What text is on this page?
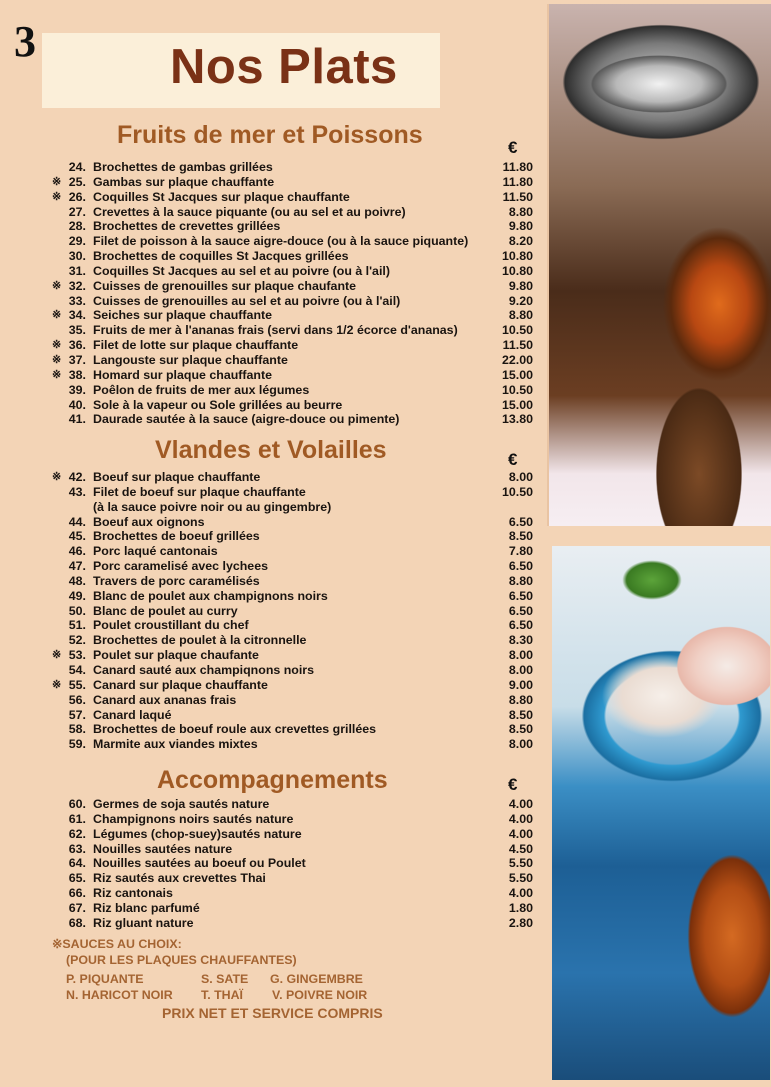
3	Nos Plats
Fruits de mer et Poissons	€
24. Brochettes de gambas grillées	11.80
※ 25. Gambas sur plaque chauffante	11.80
※ 26. Coquilles St Jacques sur plaque chauffante	11.50
27. Crevettes à la sauce piquante (ou au sel et au poivre)	8.80
28. Brochettes de crevettes grillées	9.80
29. Filet de poisson à la sauce aigre-douce (ou à la sauce piquante)	8.20
30. Brochettes de coquilles St Jacques grillées	10.80
31. Coquilles St Jacques au sel et au poivre (ou à l'ail)	10.80
※ 32. Cuisses de grenouilles sur plaque chaufante	9.80
33. Cuisses de grenouilles au sel et au poivre (ou à l'ail)	9.20
※ 34. Seiches sur plaque chauffante	8.80
35. Fruits de mer à l'ananas frais (servi dans 1/2 écorce d'ananas)	10.50
※ 36. Filet de lotte sur plaque chauffante	11.50
※ 37. Langouste sur plaque chauffante	22.00
※ 38. Homard sur plaque chauffante	15.00
39. Poêlon de fruits de mer aux légumes	10.50
40. Sole à la vapeur ou Sole grillées au beurre	15.00
41. Daurade sautée à la sauce (aigre-douce ou pimente)	13.80
Vlandes et Volailles	€
※ 42. Boeuf sur plaque chauffante	8.00
43. Filet de boeuf sur plaque chauffante	10.50
(à la sauce poivre noir ou au gingembre)
44. Boeuf aux oignons	6.50
45. Brochettes de boeuf grillées	8.50
46. Porc laqué cantonais	7.80
47. Porc caramelisé avec lychees	6.50
48. Travers de porc caramélisés	8.80
49. Blanc de poulet aux champignons noirs	6.50
50. Blanc de poulet au curry	6.50
51. Poulet croustillant du chef	6.50
52. Brochettes de poulet à la citronnelle	8.30
※ 53. Poulet sur plaque chaufante	8.00
54. Canard sauté aux champiqnons noirs	8.00
※ 55. Canard sur plaque chauffante	9.00
56. Canard aux ananas frais	8.80
57. Canard laqué	8.50
58. Brochettes de boeuf roule aux crevettes grillées	8.50
59. Marmite aux viandes mixtes	8.00
Accompagnements	€
60. Germes de soja sautés nature	4.00
61. Champignons noirs sautés nature	4.00
62. Légumes (chop-suey)sautés nature	4.00
63. Nouilles sautées nature	4.50
64. Nouilles sautées au boeuf ou Poulet	5.50
65. Riz sautés aux crevettes Thai	5.50
66. Riz cantonais	4.00
67. Riz blanc parfumé	1.80
68. Riz gluant nature	2.80
※SAUCES AU CHOIX:
(POUR LES PLAQUES CHAUFFANTES)
P. PIQUANTE	S. SATE G. GINGEMBRE
N. HARICOT NOIR T. THAÏ V. POIVRE NOIR
PRIX NET ET SERVICE COMPRIS
